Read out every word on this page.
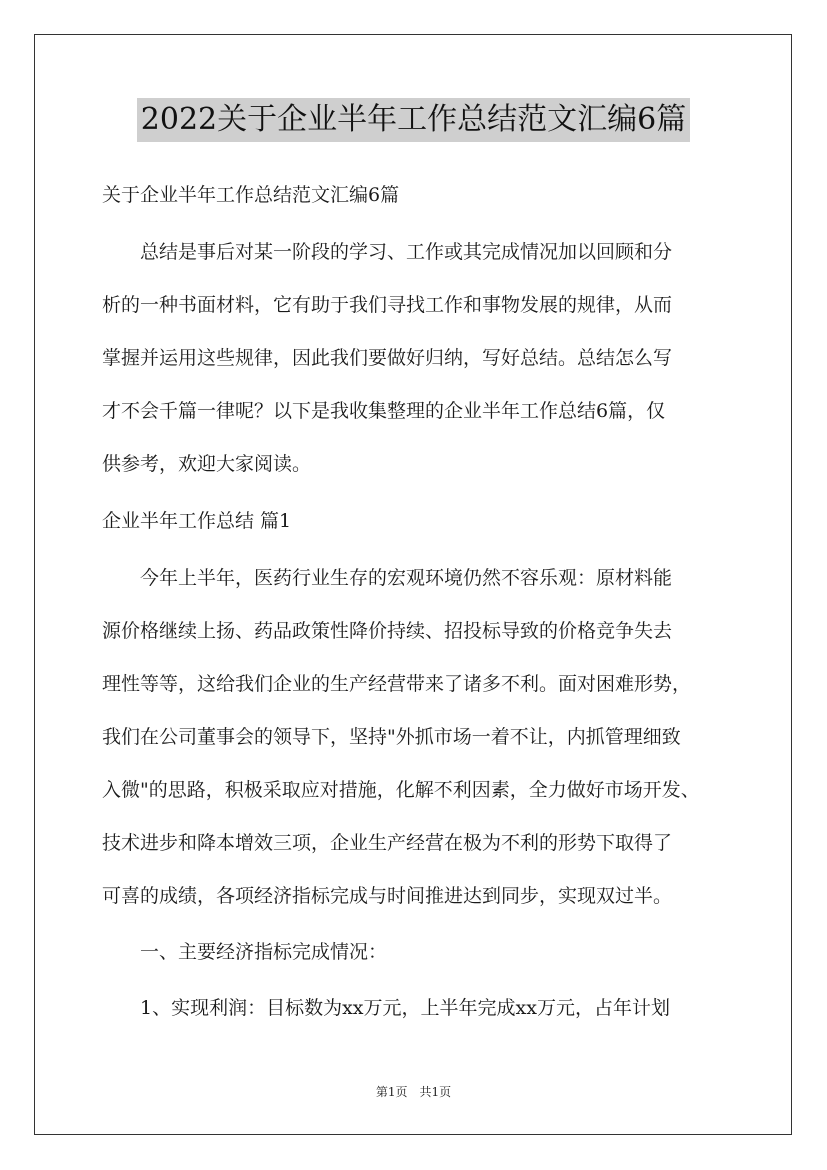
2022关于企业半年工作总结范文汇编6篇
关于企业半年工作总结范文汇编6篇
　　总结是事后对某一阶段的学习、工作或其完成情况加以回顾和分
析的一种书面材料，它有助于我们寻找工作和事物发展的规律，从而
掌握并运用这些规律，因此我们要做好归纳，写好总结。总结怎么写
才不会千篇一律呢？以下是我收集整理的企业半年工作总结6篇，仅
供参考，欢迎大家阅读。
企业半年工作总结 篇1
　　今年上半年，医药行业生存的宏观环境仍然不容乐观：原材料能
源价格继续上扬、药品政策性降价持续、招投标导致的价格竞争失去
理性等等，这给我们企业的生产经营带来了诸多不利。面对困难形势，
我们在公司董事会的领导下，坚持"外抓市场一着不让，内抓管理细致
入微"的思路，积极采取应对措施，化解不利因素，全力做好市场开发、
技术进步和降本增效三项，企业生产经营在极为不利的形势下取得了
可喜的成绩，各项经济指标完成与时间推进达到同步，实现双过半。
　　一、主要经济指标完成情况：
　　1、实现利润：目标数为xx万元，上半年完成xx万元，占年计划
第1页　共1页
